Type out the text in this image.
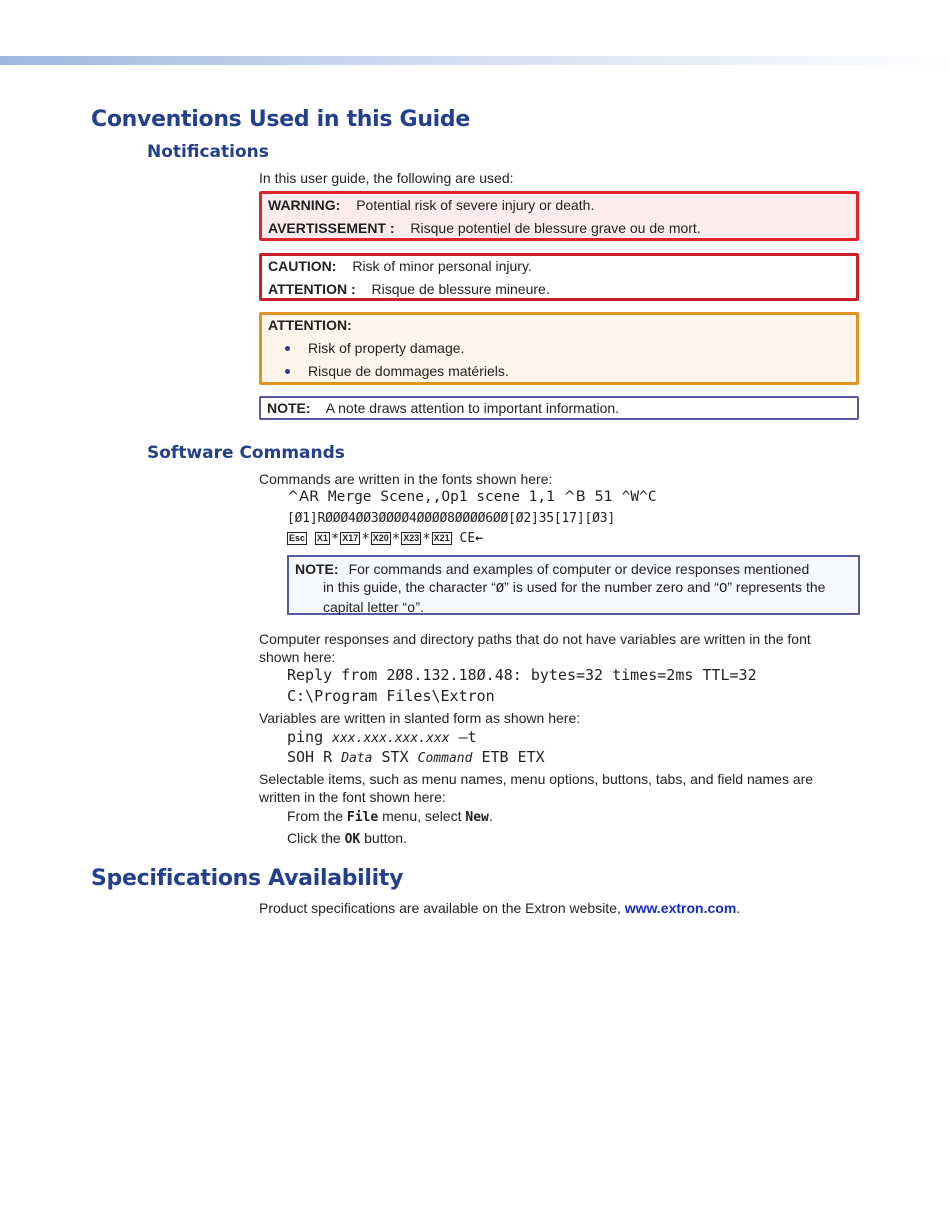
Conventions Used in this Guide
Notifications

In this user guide, the following are used:

WARNING: Potential risk of severe injury or death.
AVERTISSEMENT : Risque potentiel de blessure grave ou de mort.
CAUTION: Risk of minor personal injury.
ATTENTION : Risque de blessure mineure.
ATTENTION:
Risk of property damage.
Risque de dommages matériels.
NOTE: A note draws attention to important information.
Software Commands

Commands are written in the fonts shown here:

^AR Merge Scene,,Op1 scene 1,1 ^B 51 ^W^C

[Ø1]RØØØ4ØØ3ØØØØ4ØØØØ8ØØØØ6ØØ[Ø2]35[17][Ø3]

Esc X1 * X17 * X20 * X23 * X21 CE←

NOTE: For commands and examples of computer or device responses mentioned
in this guide, the character “Ø” is used for the number zero and “O” represents the
capital letter “o”.

Computer responses and directory paths that do not have variables are written in the font
shown here:

Reply from 2Ø8.132.18Ø.48: bytes=32 times=2ms TTL=32

C:\Program Files\Extron

Variables are written in slanted form as shown here:

ping xxx.xxx.xxx.xxx —t

SOH R Data STX Command ETB ETX

Selectable items, such as menu names, menu options, buttons, tabs, and field names are
written in the font shown here:

From the File menu, select New.

Click the OK button.

Specifications Availability

Product specifications are available on the Extron website, www.extron.com.
